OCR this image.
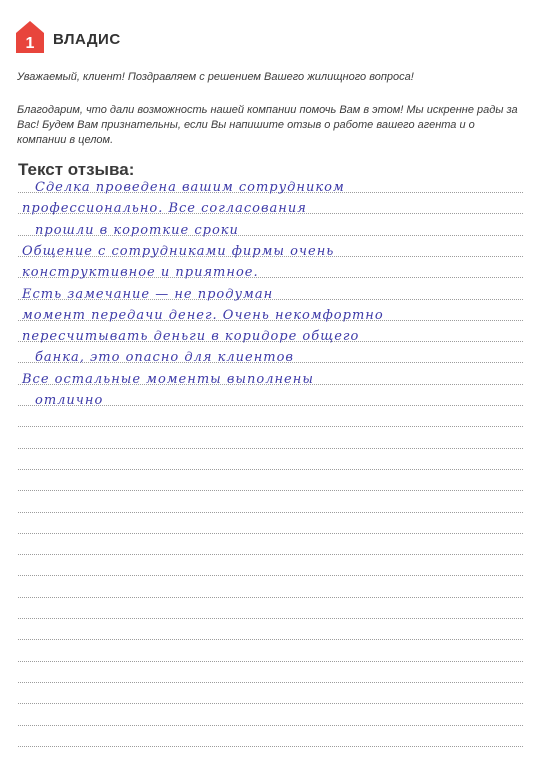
1 ВЛАДИС
Уважаемый, клиент! Поздравляем с решением Вашего жилищного вопроса!
Благодарим, что дали возможность нашей компании помочь Вам в этом! Мы искренне рады за Вас! Будем Вам признательны, если Вы напишите отзыв о работе вашего агента и о компании в целом.
Текст отзыва:
Сделка проведена вашим сотрудником
профессионально. Все согласования
прошли в короткие сроки
Общение с сотрудниками фирмы очень
конструктивное и приятное.
Есть замечание — не продуман
момент передачи денег. Очень некомфортно
пересчитывать деньги в коридоре общего
банка, это опасно для клиентов
Все остальные моменты выполнены
отлично
